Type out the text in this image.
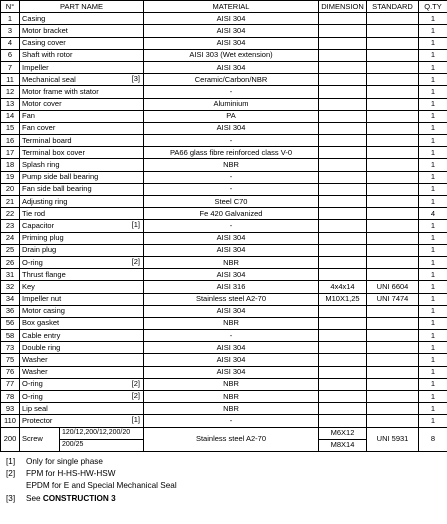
N°	PART NAME		MATERIAL	DIMENSION	STANDARD	Q.TY
1	Casing		AISI 304			1
3	Motor bracket		AISI 304			1
4	Casing cover		AISI 304			1
6	Shaft with rotor		AISI 303 (Wet extension)			1
7	Impeller		AISI 304			1
11	Mechanical seal [3]		Ceramic/Carbon/NBR			1
12	Motor frame with stator		-			1
13	Motor cover		Aluminium			1
14	Fan		PA			1
15	Fan cover		AISI 304			1
16	Terminal board		-			1
17	Terminal box cover		PA66 glass fibre reinforced class V-0			1
18	Splash ring		NBR			1
19	Pump side ball bearing		-			1
20	Fan side ball bearing		-			1
21	Adjusting ring		Steel C70			1
22	Tie rod		Fe 420 Galvanized			4
23	Capacitor [1]		-			1
24	Priming plug		AISI 304			1
25	Drain plug		AISI 304			1
26	O-ring [2]		NBR			1
31	Thrust flange		AISI 304			1
32	Key		AISI 316	4x4x14	UNI 6604	1
34	Impeller nut		Stainless steel A2-70	M10X1,25	UNI 7474	1
36	Motor casing		AISI 304			1
56	Box gasket		NBR			1
58	Cable entry		-			1
73	Double ring		AISI 304			1
75	Washer		AISI 304			1
76	Washer		AISI 304			1
77	O-ring [2]		NBR			1
78	O-ring [2]		NBR			1
93	Lip seal		NBR			1
110	Protector [1]		-			1
200	Screw	120/12,200/12,200/20	Stainless steel A2-70	M6X12	UNI 5931	8
		200/25		M8X14		
[1]	Only for single phase
[2]	FPM for H-HS-HW-HSW
EPDM for E and Special Mechanical Seal
[3]	See CONSTRUCTION 3
